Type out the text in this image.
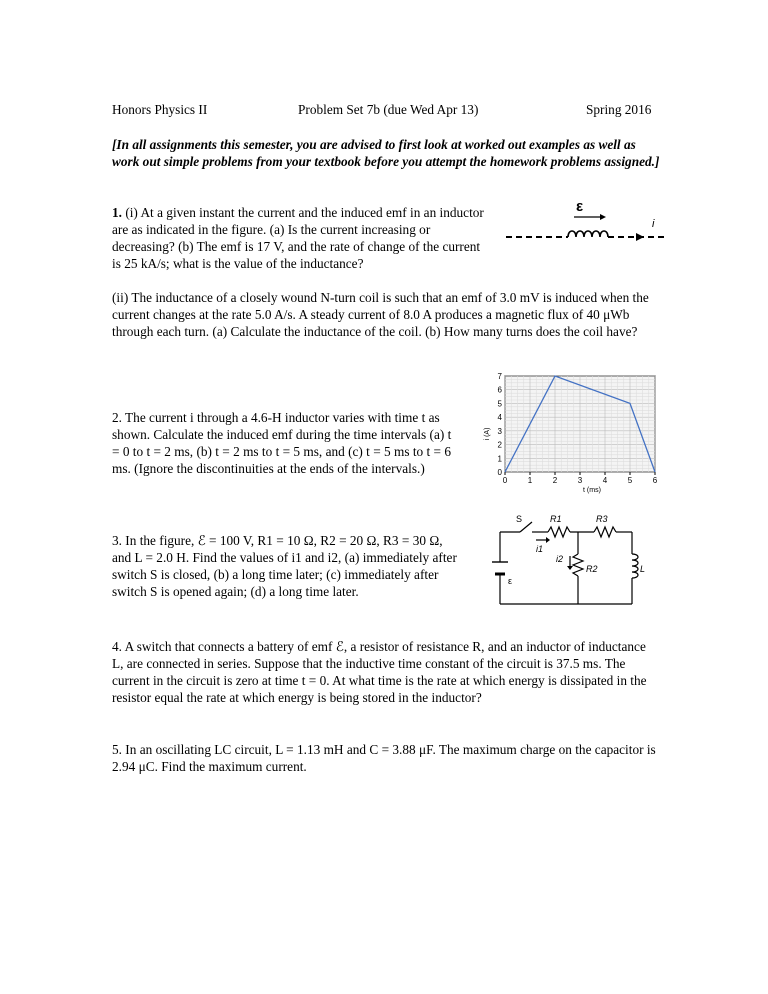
Honors Physics II	Problem Set 7b (due Wed Apr 13)	Spring 2016

[In all assignments this semester, you are advised to first look at worked out examples as well as work out simple problems from your textbook before you attempt the homework problems assigned.]

1. (i) At a given instant the current and the induced emf in an inductor are as indicated in the figure. (a) Is the current increasing or decreasing? (b) The emf is 17 V, and the rate of change of the current is 25 kA/s; what is the value of the inductance?
ε
i

(ii) The inductance of a closely wound N-turn coil is such that an emf of 3.0 mV is induced when the current changes at the rate 5.0 A/s. A steady current of 8.0 A produces a magnetic flux of 40 μWb through each turn. (a) Calculate the inductance of the coil. (b) How many turns does the coil have?

2. The current i through a 4.6-H inductor varies with time t as shown. Calculate the induced emf during the time intervals (a) t = 0 to t = 2 ms, (b) t = 2 ms to t = 5 ms, and (c) t = 5 ms to t = 6 ms. (Ignore the discontinuities at the ends of the intervals.)

0	1	2	3	4	5	6
0
1
2
3
4
5
6
7
t (ms)
i (A)

3. In the figure, ℰ = 100 V, R1 = 10 Ω, R2 = 20 Ω, R3 = 30 Ω, and L = 2.0 H. Find the values of i1 and i2, (a) immediately after switch S is closed, (b) a long time later; (c) immediately after switch S is opened again; (d) a long time later.

S	R1	R3
i1
i2
R2	L
ε

4. A switch that connects a battery of emf ℰ, a resistor of resistance R, and an inductor of inductance L, are connected in series. Suppose that the inductive time constant of the circuit is 37.5 ms. The current in the circuit is zero at time t = 0. At what time is the rate at which energy is dissipated in the resistor equal the rate at which energy is being stored in the inductor?

5. In an oscillating LC circuit, L = 1.13 mH and C = 3.88 μF. The maximum charge on the capacitor is 2.94 μC. Find the maximum current.
